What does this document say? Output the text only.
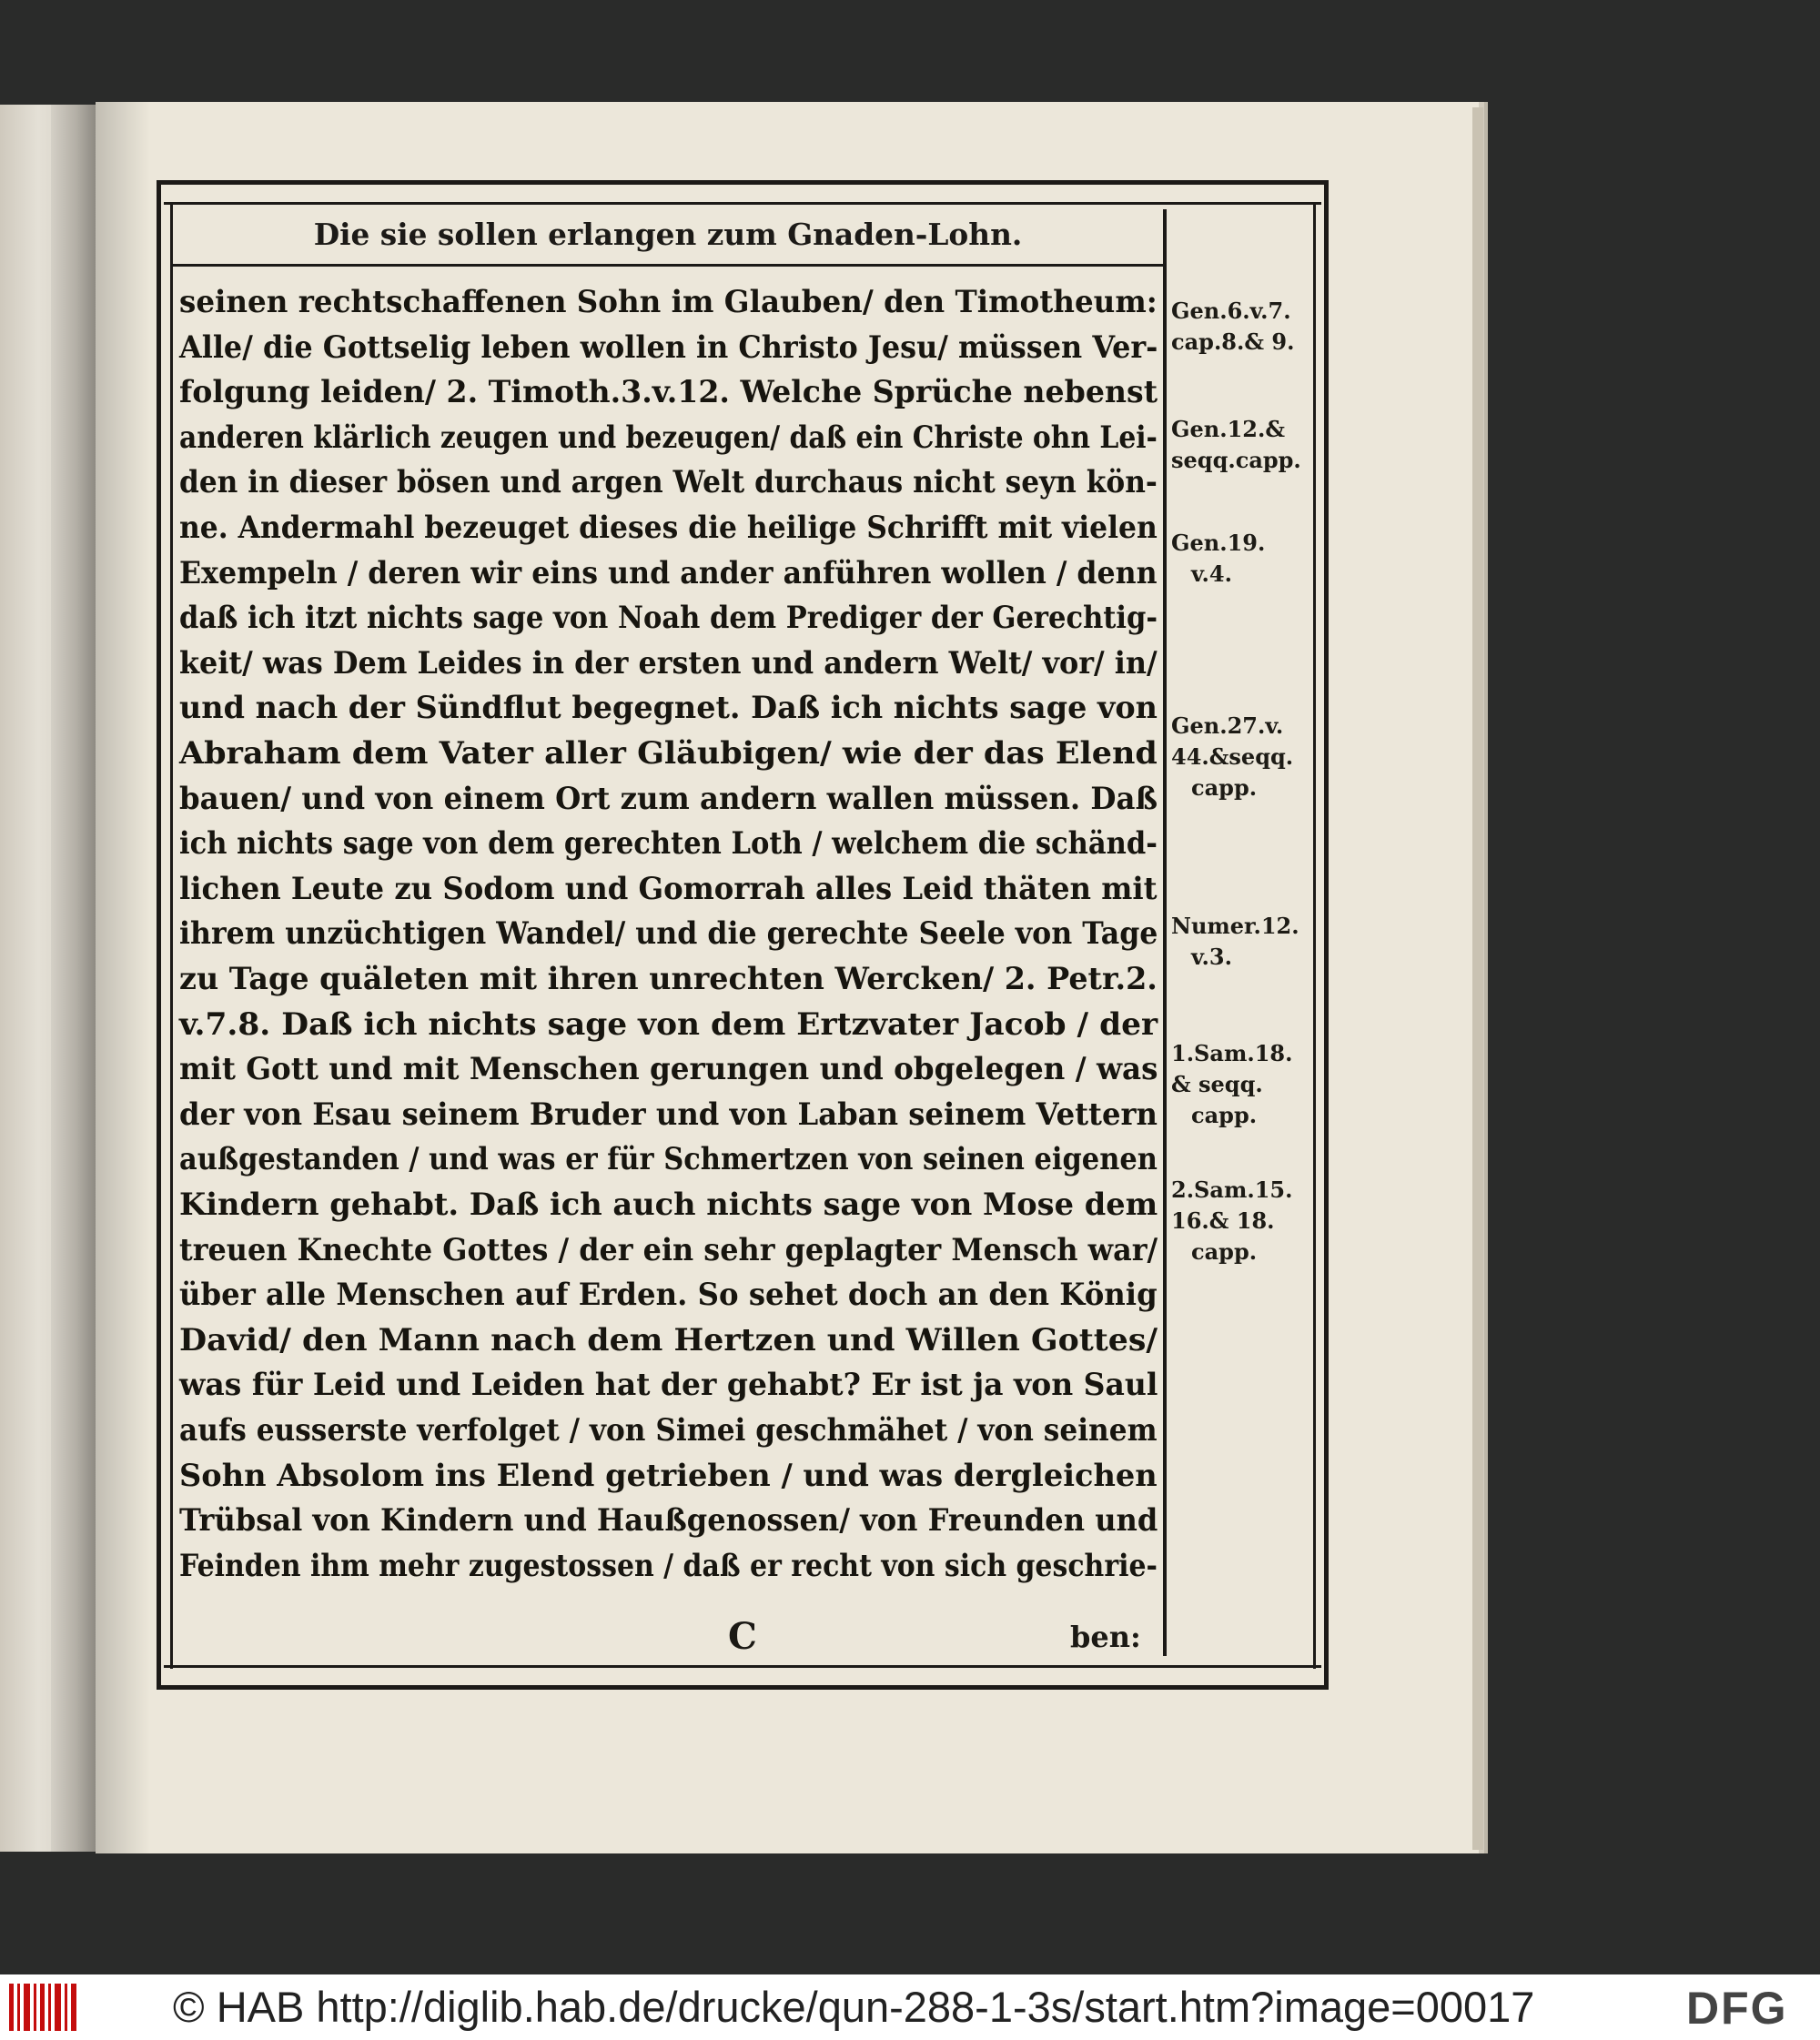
Die sie sollen erlangen zum Gnaden-Lohn.
seinen rechtschaffenen Sohn im Glauben/ den Timotheum:
Alle/ die Gottselig leben wollen in Christo Jesu/ müssen Ver-
folgung leiden/ 2. Timoth.3.v.12. Welche Sprüche nebenst
anderen klärlich zeugen und bezeugen/ daß ein Christe ohn Lei-
den in dieser bösen und argen Welt durchaus nicht seyn kön-
ne. Andermahl bezeuget dieses die heilige Schrifft mit vielen
Exempeln / deren wir eins und ander anführen wollen / denn
daß ich itzt nichts sage von Noah dem Prediger der Gerechtig-
keit/ was Dem Leides in der ersten und andern Welt/ vor/ in/
und nach der Sündflut begegnet. Daß ich nichts sage von
Abraham dem Vater aller Gläubigen/ wie der das Elend
bauen/ und von einem Ort zum andern wallen müssen. Daß
ich nichts sage von dem gerechten Loth / welchem die schänd-
lichen Leute zu Sodom und Gomorrah alles Leid thäten mit
ihrem unzüchtigen Wandel/ und die gerechte Seele von Tage
zu Tage quäleten mit ihren unrechten Wercken/ 2. Petr.2.
v.7.8. Daß ich nichts sage von dem Ertzvater Jacob / der
mit Gott und mit Menschen gerungen und obgelegen / was
der von Esau seinem Bruder und von Laban seinem Vettern
außgestanden / und was er für Schmertzen von seinen eigenen
Kindern gehabt. Daß ich auch nichts sage von Mose dem
treuen Knechte Gottes / der ein sehr geplagter Mensch war/
über alle Menschen auf Erden. So sehet doch an den König
David/ den Mann nach dem Hertzen und Willen Gottes/
was für Leid und Leiden hat der gehabt? Er ist ja von Saul
aufs eusserste verfolget / von Simei geschmähet / von seinem
Sohn Absolom ins Elend getrieben / und was dergleichen
Trübsal von Kindern und Haußgenossen/ von Freunden und
Feinden ihm mehr zugestossen / daß er recht von sich geschrie-
Gen.6.v.7.
cap.8.& 9.
Gen.12.&
seqq.capp.
Gen.19.
v.4.
Gen.27.v.
44.&seqq.
capp.
Numer.12.
v.3.
1.Sam.18.
& seqq.
capp.
2.Sam.15.
16.& 18.
capp.
C	ben:
© HAB http://diglib.hab.de/drucke/qun-288-1-3s/start.htm?image=00017	DFG
